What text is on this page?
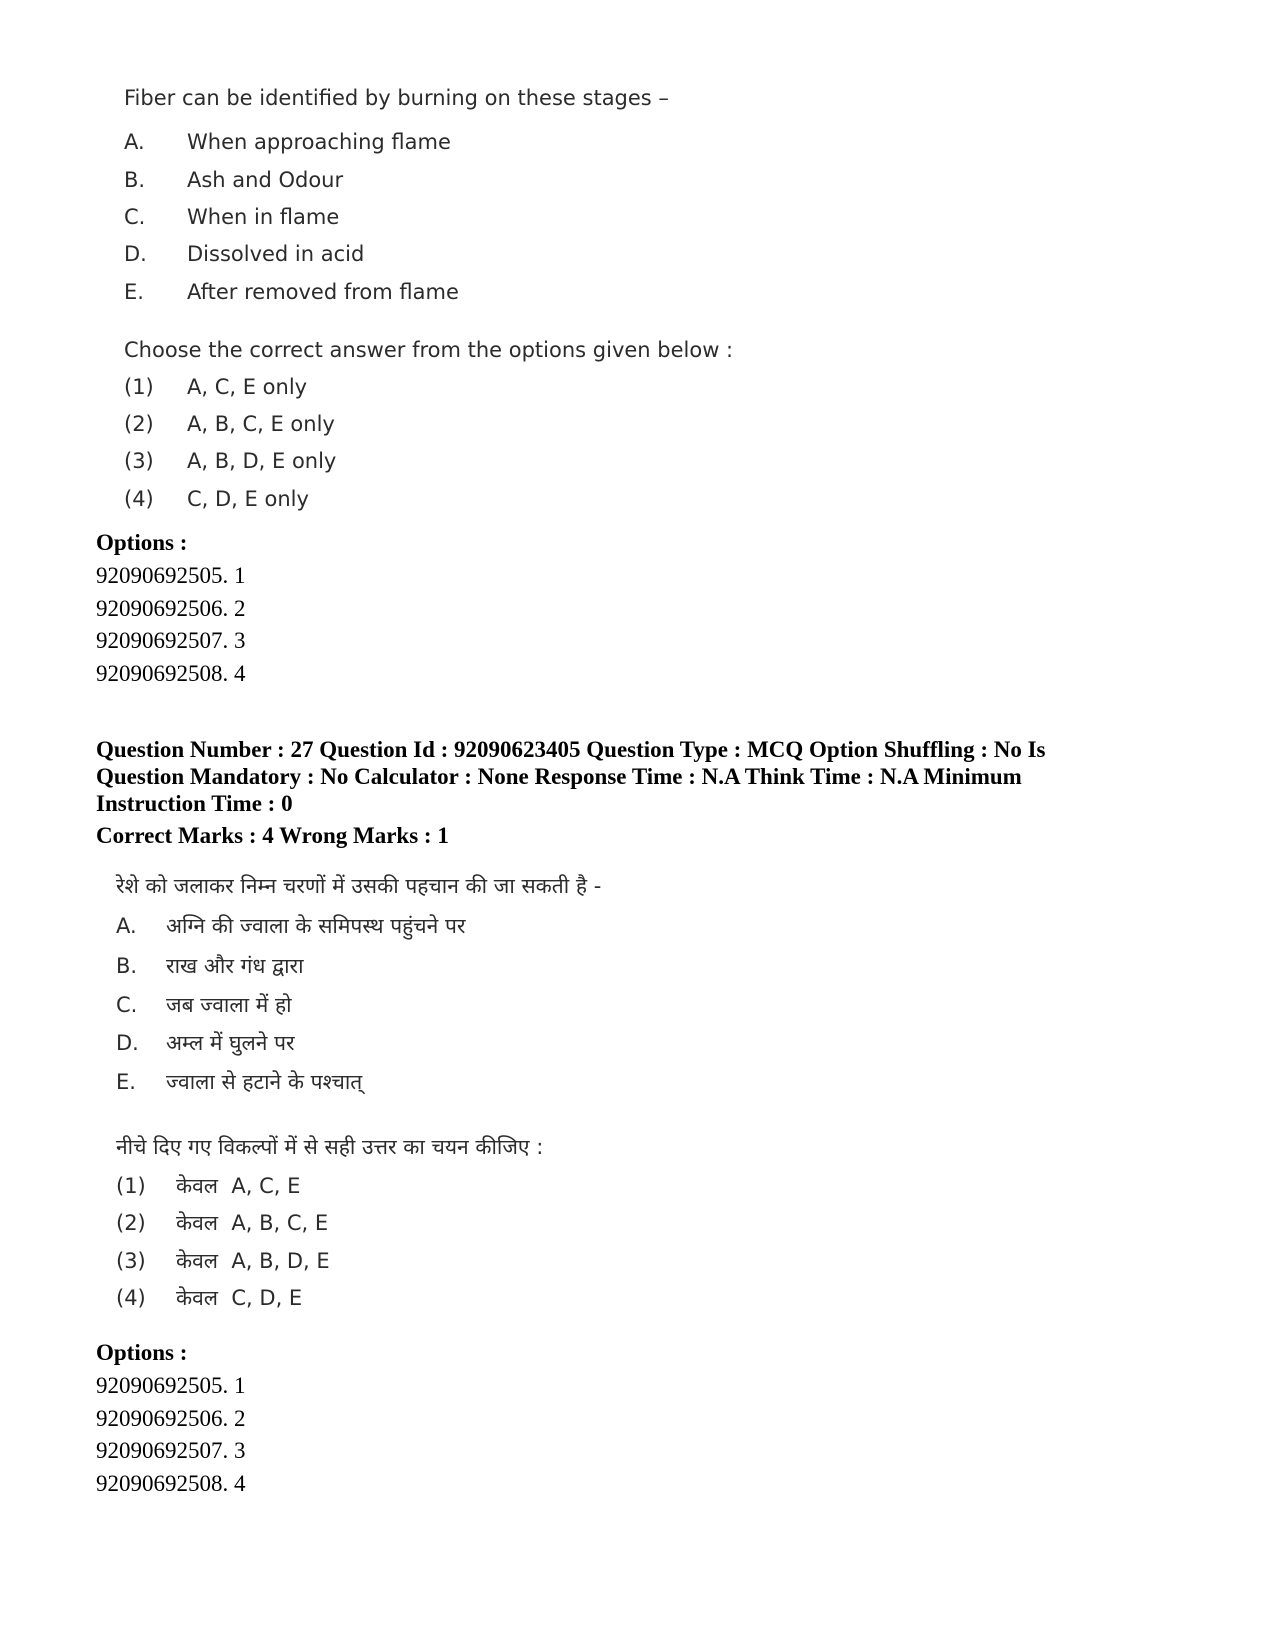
Fiber can be identified by burning on these stages –

A.	When approaching flame
B.	Ash and Odour
C.	When in flame
D.	Dissolved in acid
E.	After removed from flame

Choose the correct answer from the options given below :

(1)	A, C, E only
(2)	A, B, C, E only
(3)	A, B, D, E only
(4)	C, D, E only
Options :
92090692505. 1
92090692506. 2
92090692507. 3
92090692508. 4
Question Number : 27 Question Id : 92090623405 Question Type : MCQ Option Shuffling : No Is
Question Mandatory : No Calculator : None Response Time : N.A Think Time : N.A Minimum
Instruction Time : 0
Correct Marks : 4 Wrong Marks : 1

रेशे को जलाकर निम्न चरणों में उसकी पहचान की जा सकती है -

A.	अग्नि की ज्वाला के समिपस्थ पहुंचने पर
B.	राख और गंध द्वारा
C.	जब ज्वाला में हो
D.	अम्ल में घुलने पर
E.	ज्वाला से हटाने के पश्चात्

नीचे दिए गए विकल्पों में से सही उत्तर का चयन कीजिए :

(1)	केवल  A, C, E
(2)	केवल  A, B, C, E
(3)	केवल  A, B, D, E
(4)	केवल  C, D, E
Options :
92090692505. 1
92090692506. 2
92090692507. 3
92090692508. 4
